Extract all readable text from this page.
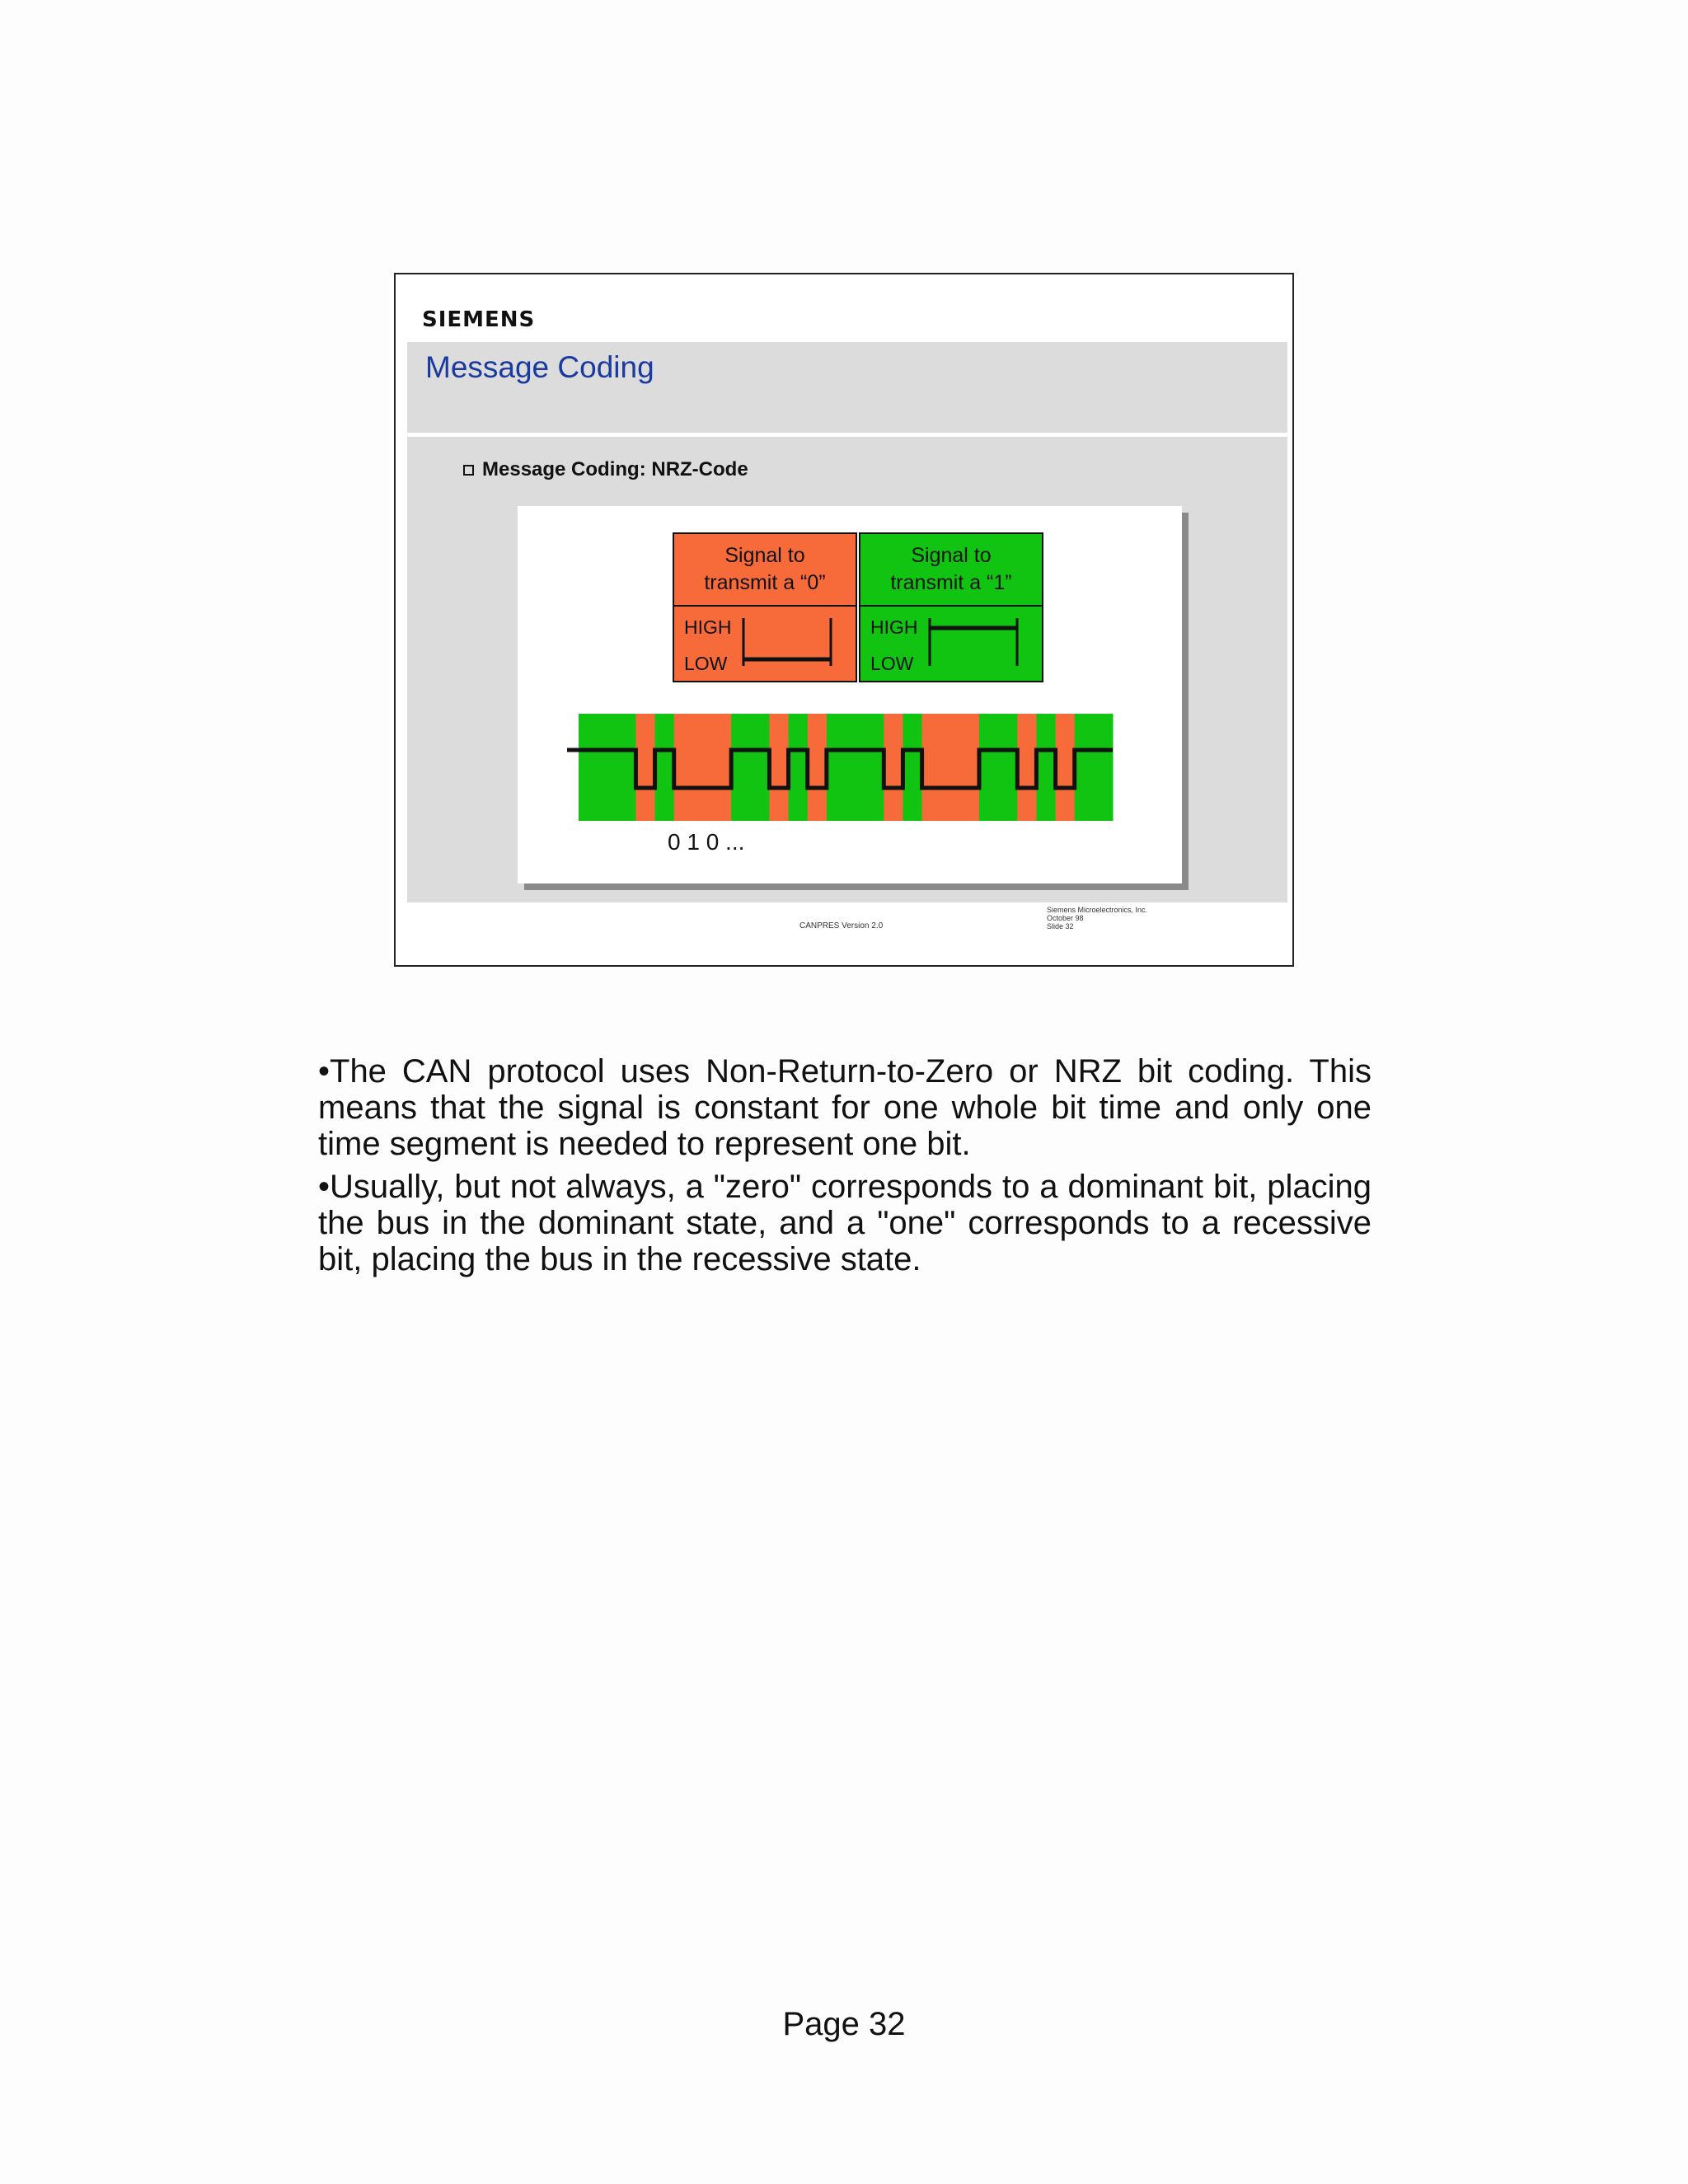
SIEMENS
Message Coding
Message Coding: NRZ-Code
Signal to
transmit a “0”
HIGH
LOW
Signal to
transmit a “1”
HIGH
LOW
0 1 0 ...
CANPRES Version 2.0
Siemens Microelectronics, Inc.
October 98
Slide 32

•The CAN protocol uses Non-Return-to-Zero or NRZ bit coding. This means that the signal is constant for one whole bit time and only one time segment is needed to represent one bit.

•Usually, but not always, a "zero" corresponds to a dominant bit, placing the bus in the dominant state, and a "one" corresponds to a recessive bit, placing the bus in the recessive state.

Page 32
